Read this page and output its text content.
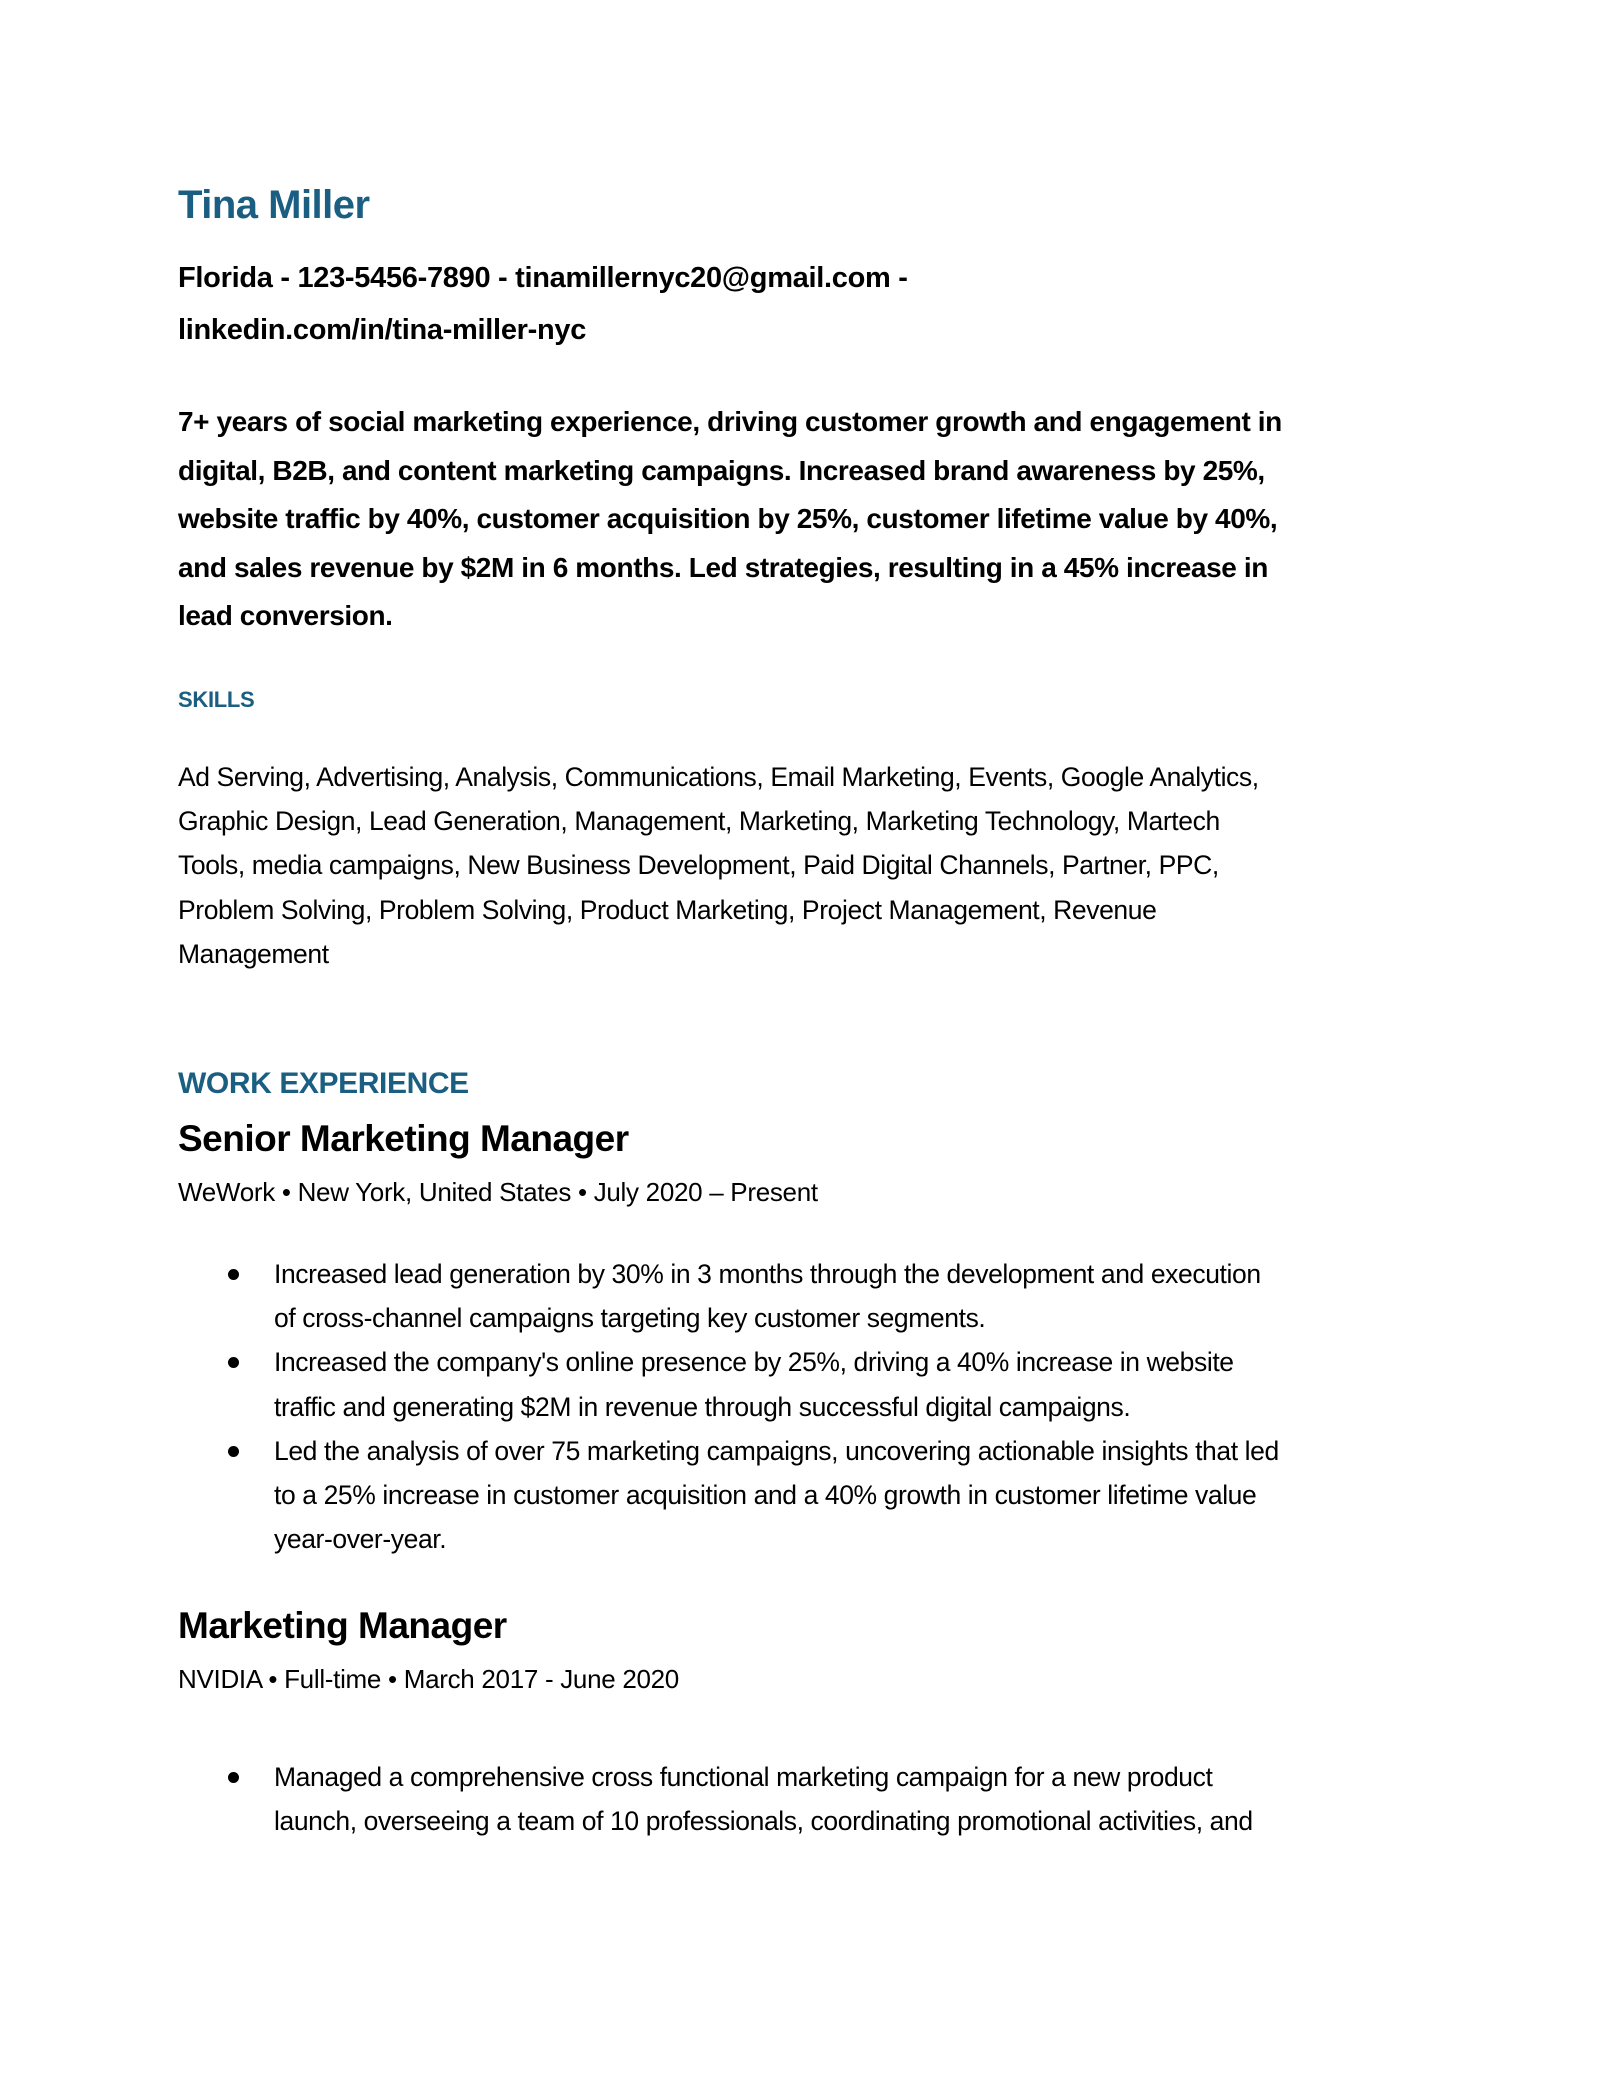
Tina Miller
Florida - 123-5456-7890 - tinamillernyc20@gmail.com -
linkedin.com/in/tina-miller-nyc
7+ years of social marketing experience, driving customer growth and engagement in
digital, B2B, and content marketing campaigns. Increased brand awareness by 25%,
website traffic by 40%, customer acquisition by 25%, customer lifetime value by 40%,
and sales revenue by $2M in 6 months. Led strategies, resulting in a 45% increase in
lead conversion.
SKILLS
Ad Serving, Advertising, Analysis, Communications, Email Marketing, Events, Google Analytics,
Graphic Design, Lead Generation, Management, Marketing, Marketing Technology, Martech
Tools, media campaigns, New Business Development, Paid Digital Channels, Partner, PPC,
Problem Solving, Problem Solving, Product Marketing, Project Management, Revenue
Management
WORK EXPERIENCE
Senior Marketing Manager
WeWork • New York, United States • July 2020 – Present
Increased lead generation by 30% in 3 months through the development and execution
of cross-channel campaigns targeting key customer segments.
Increased the company's online presence by 25%, driving a 40% increase in website
traffic and generating $2M in revenue through successful digital campaigns.
Led the analysis of over 75 marketing campaigns, uncovering actionable insights that led
to a 25% increase in customer acquisition and a 40% growth in customer lifetime value
year-over-year.
Marketing Manager
NVIDIA • Full-time • March 2017 - June 2020
Managed a comprehensive cross functional marketing campaign for a new product
launch, overseeing a team of 10 professionals, coordinating promotional activities, and
